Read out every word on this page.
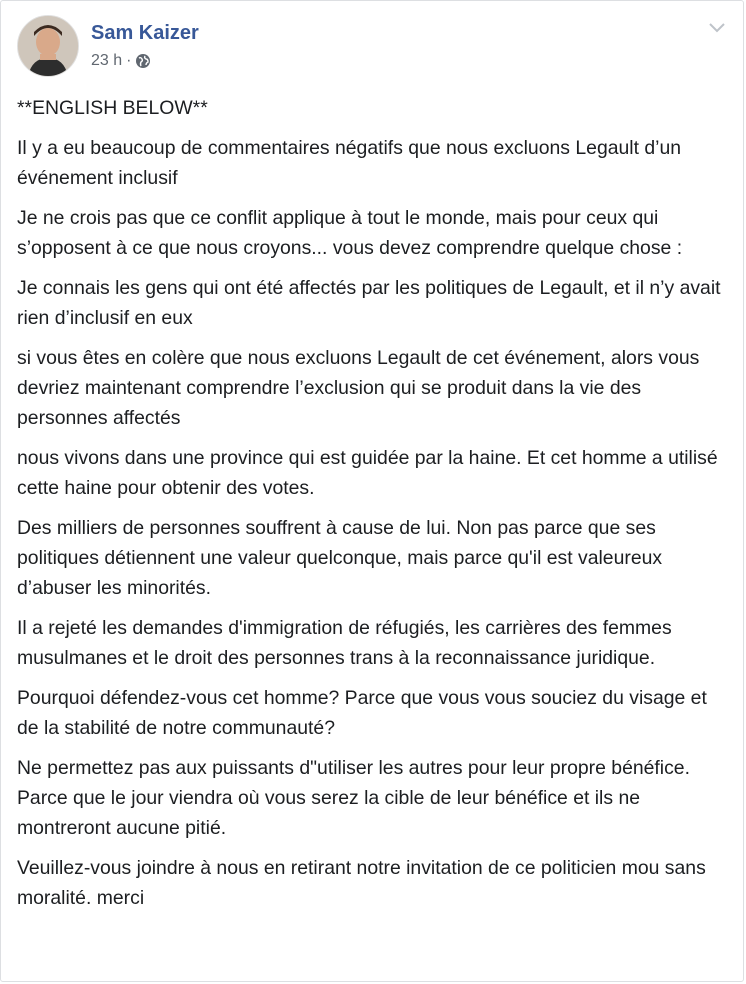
Sam Kaizer
23 h ·

**ENGLISH BELOW**

Il y a eu beaucoup de commentaires négatifs que nous excluons Legault d’un événement inclusif

Je ne crois pas que ce conflit applique à tout le monde, mais pour ceux qui s’opposent à ce que nous croyons... vous devez comprendre quelque chose :

Je connais les gens qui ont été affectés par les politiques de Legault, et il n’y avait rien d’inclusif en eux

si vous êtes en colère que nous excluons Legault de cet événement, alors vous devriez maintenant comprendre l’exclusion qui se produit dans la vie des personnes affectés

nous vivons dans une province qui est guidée par la haine. Et cet homme a utilisé cette haine pour obtenir des votes.

Des milliers de personnes souffrent à cause de lui. Non pas parce que ses politiques détiennent une valeur quelconque, mais parce qu'il est valeureux d’abuser les minorités.

Il a rejeté les demandes d'immigration de réfugiés, les carrières des femmes musulmanes et le droit des personnes trans à la reconnaissance juridique.

Pourquoi défendez-vous cet homme? Parce que vous vous souciez du visage et de la stabilité de notre communauté?

Ne permettez pas aux puissants d"utiliser les autres pour leur propre bénéfice. Parce que le jour viendra où vous serez la cible de leur bénéfice et ils ne montreront aucune pitié.

Veuillez-vous joindre à nous en retirant notre invitation de ce politicien mou sans moralité. merci
